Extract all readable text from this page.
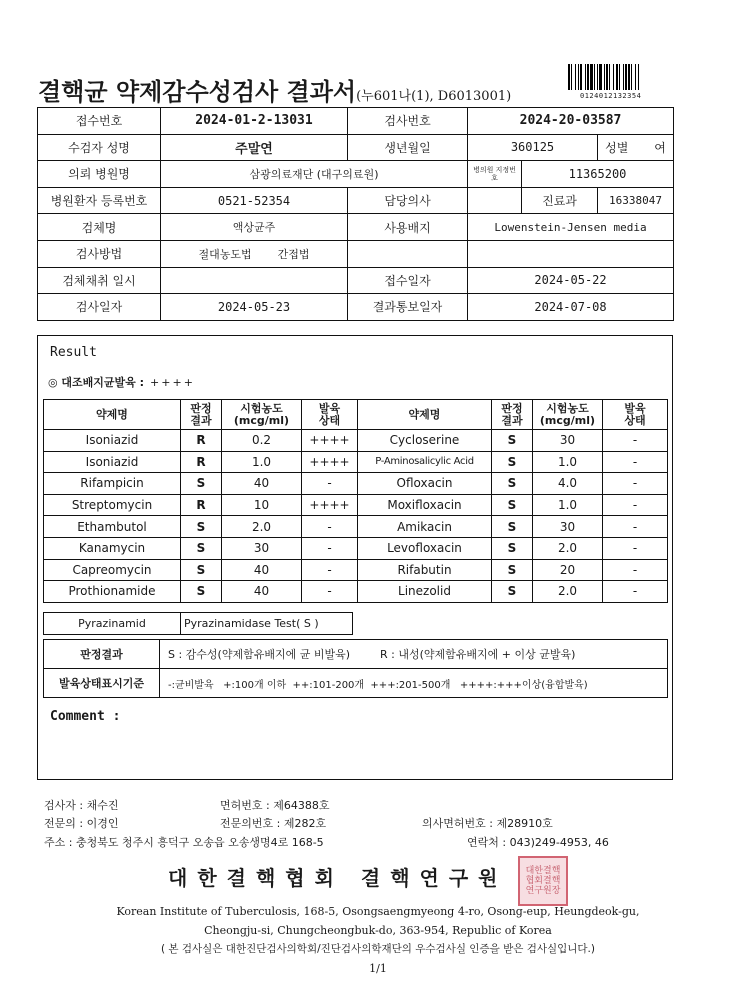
결핵균 약제감수성검사 결과서(누601나(1), D6013001)	0124012132354
접수번호	2024-01-2-13031	검사번호	2024-20-03587		
수검자 성명	주말연	생년월일	360125		성별 여
의뢰 병원명	삼광의료재단 (대구의료원)		병의원 지정번호	11365200	
병원환자 등록번호	0521-52354	담당의사		진료과	16338047
검체명	액상균주	사용배지	Lowenstein-Jensen media		
검사방법	절대농도법 간접법				
검체채취 일시		접수일자	2024-05-22		
검사일자	2024-05-23	결과통보일자	2024-07-08		
Result
◎ 대조배지균발육 : ++++
약제명	판정
결과	시험농도
(mcg/ml)	발육
상태	약제명	판정
결과	시험농도
(mcg/ml)	발육
상태
Isoniazid	R	0.2	++++	Cycloserine	S	30	-
Isoniazid	R	1.0	++++	P-Aminosalicylic Acid	S	1.0	-
Rifampicin	S	40	-	Ofloxacin	S	4.0	-
Streptomycin	R	10	++++	Moxifloxacin	S	1.0	-
Ethambutol	S	2.0	-	Amikacin	S	30	-
Kanamycin	S	30	-	Levofloxacin	S	2.0	-
Capreomycin	S	40	-	Rifabutin	S	20	-
Prothionamide	S	40	-	Linezolid	S	2.0	-
Pyrazinamid	Pyrazinamidase Test( S )
판정결과	S : 감수성(약제함유배지에 균 비발육) R : 내성(약제함유배지에 + 이상 균발육)
발육상태표시기준	-:균비발육   +:100개 이하  ++:101-200개  +++:201-500개   ++++:+++이상(융합발육)
Comment :
검사자 : 채수진	면허번호 : 제64388호
전문의 : 이경인	전문의번호 : 제282호	의사면허번호 : 제28910호
주소 : 충청북도 청주시 흥덕구 오송읍 오송생명4로 168-5	연락처 : 043)249-4953, 46
대한결핵협회 결핵연구원	대한결핵 협회결핵 연구원장
Korean Institute of Tuberculosis, 168-5, Osongsaengmyeong 4-ro, Osong-eup, Heungdeok-gu,
Cheongju-si, Chungcheongbuk-do, 363-954, Republic of Korea
( 본 검사실은 대한진단검사의학회/진단검사의학재단의 우수검사실 인증을 받은 검사실입니다.)
1/1
